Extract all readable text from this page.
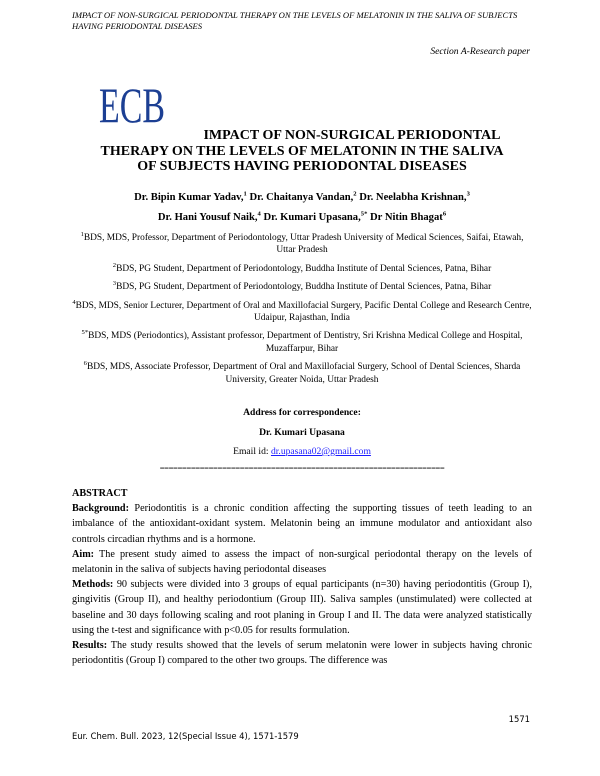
IMPACT OF NON-SURGICAL PERIODONTAL THERAPY ON THE LEVELS OF MELATONIN IN THE SALIVA OF SUBJECTS HAVING PERIODONTAL DISEASES
Section A-Research paper
ECB
IMPACT OF NON-SURGICAL PERIODONTAL
THERAPY ON THE LEVELS OF MELATONIN IN THE SALIVA
OF SUBJECTS HAVING PERIODONTAL DISEASES
Dr. Bipin Kumar Yadav,$^1$ Dr. Chaitanya Vandan,$^2$ Dr. Neelabha Krishnan,$^3$
Dr. Hani Yousuf Naik,$^4$ Dr. Kumari Upasana,$^{5*}$ Dr Nitin Bhagat$^6$
$^1$BDS, MDS, Professor, Department of Periodontology, Uttar Pradesh University of Medical Sciences, Saifai, Etawah, Uttar Pradesh
$^2$BDS, PG Student, Department of Periodontology, Buddha Institute of Dental Sciences, Patna, Bihar
$^3$BDS, PG Student, Department of Periodontology, Buddha Institute of Dental Sciences, Patna, Bihar
$^4$BDS, MDS, Senior Lecturer, Department of Oral and Maxillofacial Surgery, Pacific Dental College and Research Centre, Udaipur, Rajasthan, India
$^{5*}$BDS, MDS (Periodontics), Assistant professor, Department of Dentistry, Sri Krishna Medical College and Hospital, Muzaffarpur, Bihar
$^6$BDS, MDS, Associate Professor, Department of Oral and Maxillofacial Surgery, School of Dental Sciences, Sharda University, Greater Noida, Uttar Pradesh
Address for correspondence:
Dr. Kumari Upasana
Email id: dr.upasana02@gmail.com
================================================================
ABSTRACT

Background: Periodontitis is a chronic condition affecting the supporting tissues of teeth leading to an imbalance of the antioxidant-oxidant system. Melatonin being an immune modulator and antioxidant also controls circadian rhythms and is a hormone.

Aim: The present study aimed to assess the impact of non-surgical periodontal therapy on the levels of melatonin in the saliva of subjects having periodontal diseases

Methods: 90 subjects were divided into 3 groups of equal participants (n=30) having periodontitis (Group I), gingivitis (Group II), and healthy periodontium (Group III). Saliva samples (unstimulated) were collected at baseline and 30 days following scaling and root planing in Group I and II. The data were analyzed statistically using the t-test and significance with p<0.05 for results formulation.

Results: The study results showed that the levels of serum melatonin were lower in subjects having chronic periodontitis (Group I) compared to the other two groups. The difference was

1571
Eur. Chem. Bull. 2023, 12(Special Issue 4), 1571-1579
